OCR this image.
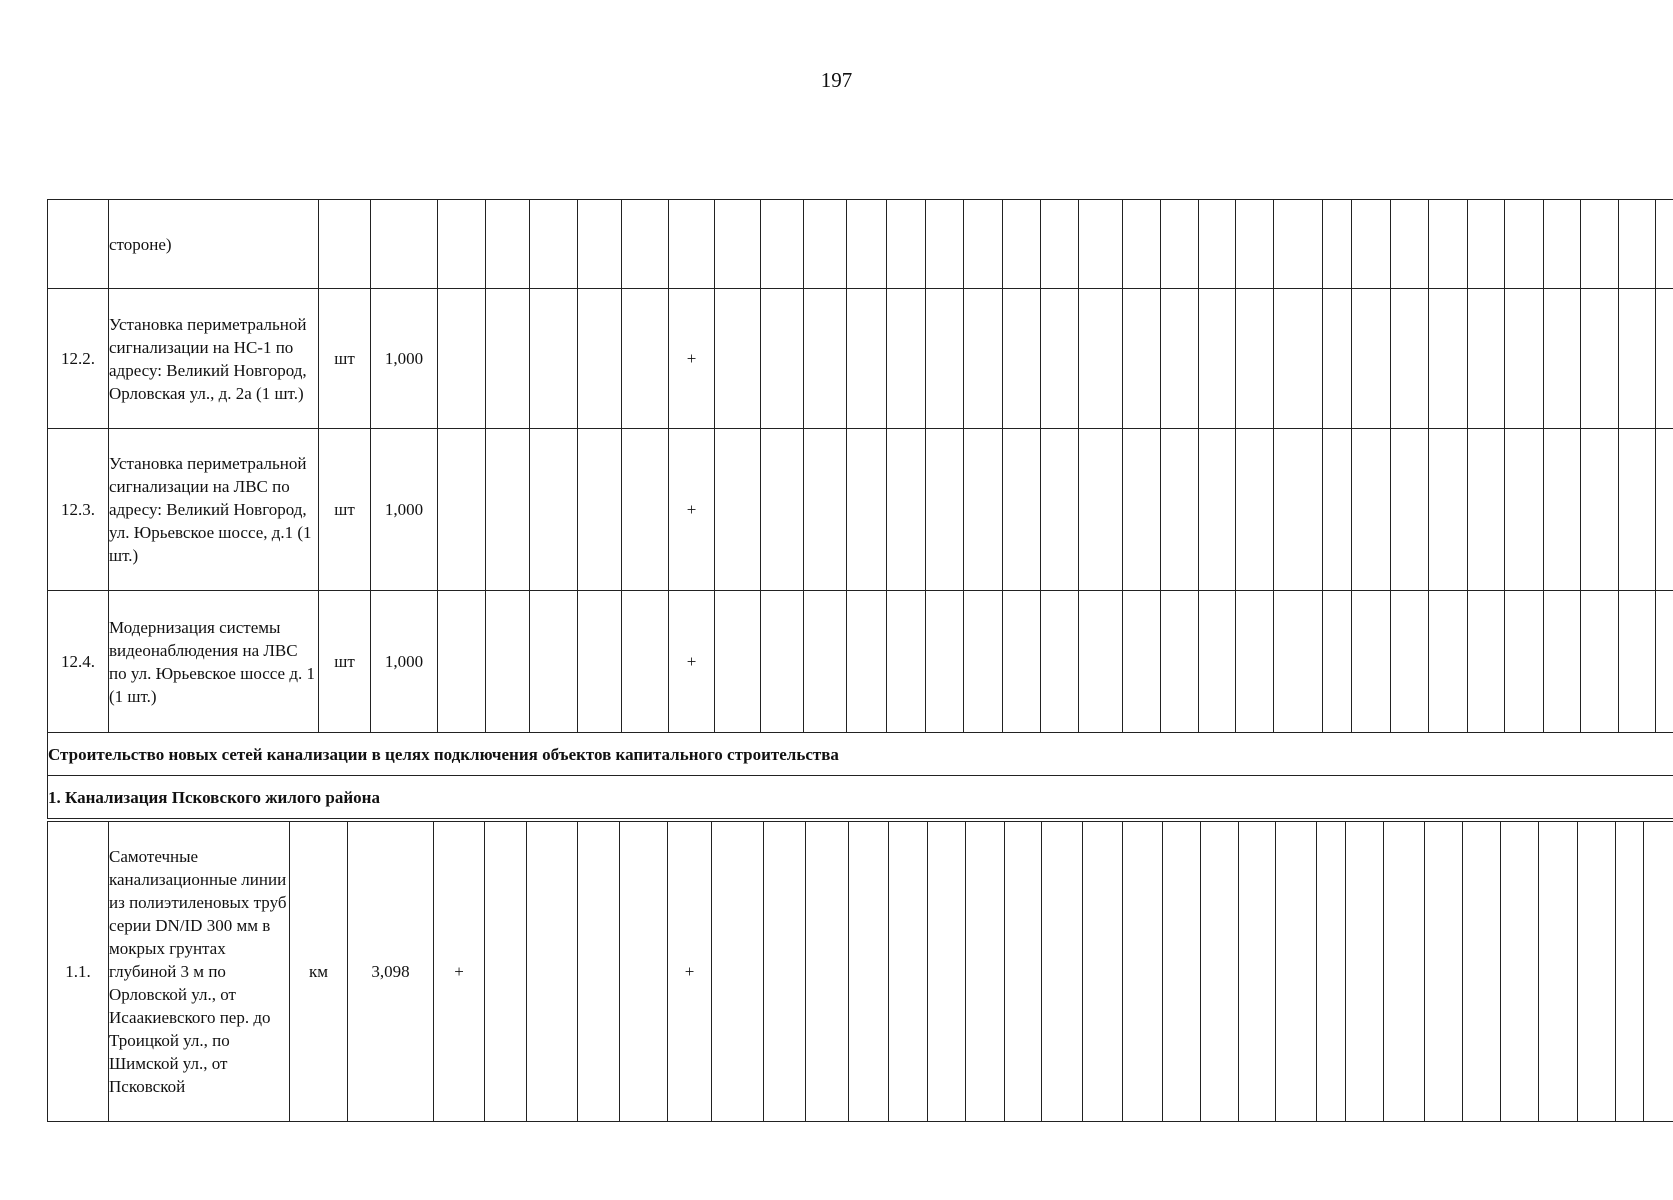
197
	стороне)																																	
12.2.	Установка периметральной сигнализации на НС-1 по адресу: Великий Новгород, Орловская ул., д. 2а (1 шт.)	шт	1,000						+																									
12.3.	Установка периметральной сигнализации на ЛВС по адресу: Великий Новгород, ул. Юрьевское шоссе, д.1 (1 шт.)	шт	1,000						+																									
12.4.	Модернизация системы видеонаблюдения на ЛВС по ул. Юрьевское шоссе д. 1 (1 шт.)	шт	1,000						+																									
Строительство новых сетей канализации в целях подключения объектов капитального строительства																																		
1. Канализация Псковского жилого района																																		
1.1.	Самотечные канализационные линии из полиэтиленовых труб серии DN/ID 300 мм в мокрых грунтах глубиной 3 м по Орловской ул., от Исаакиевского пер. до Троицкой ул., по Шимской ул., от Псковской	км	3,098	+					+																									
